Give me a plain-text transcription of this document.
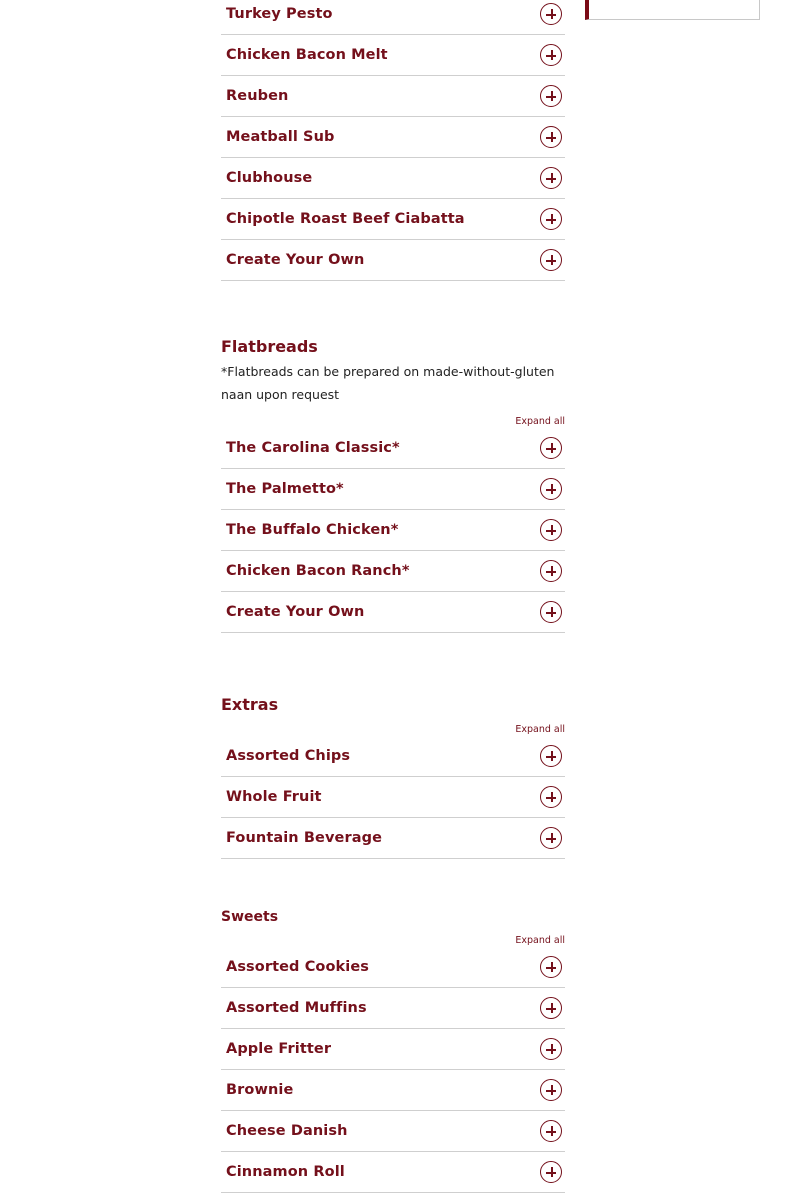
Turkey Pesto
Chicken Bacon Melt
Reuben
Meatball Sub
Clubhouse
Chipotle Roast Beef Ciabatta
Create Your Own
Flatbreads

*Flatbreads can be prepared on made-without-gluten naan upon request

Expand all
The Carolina Classic*
The Palmetto*
The Buffalo Chicken*
Chicken Bacon Ranch*
Create Your Own
Extras
Expand all
Assorted Chips
Whole Fruit
Fountain Beverage
Sweets
Expand all
Assorted Cookies
Assorted Muffins
Apple Fritter
Brownie
Cheese Danish
Cinnamon Roll
